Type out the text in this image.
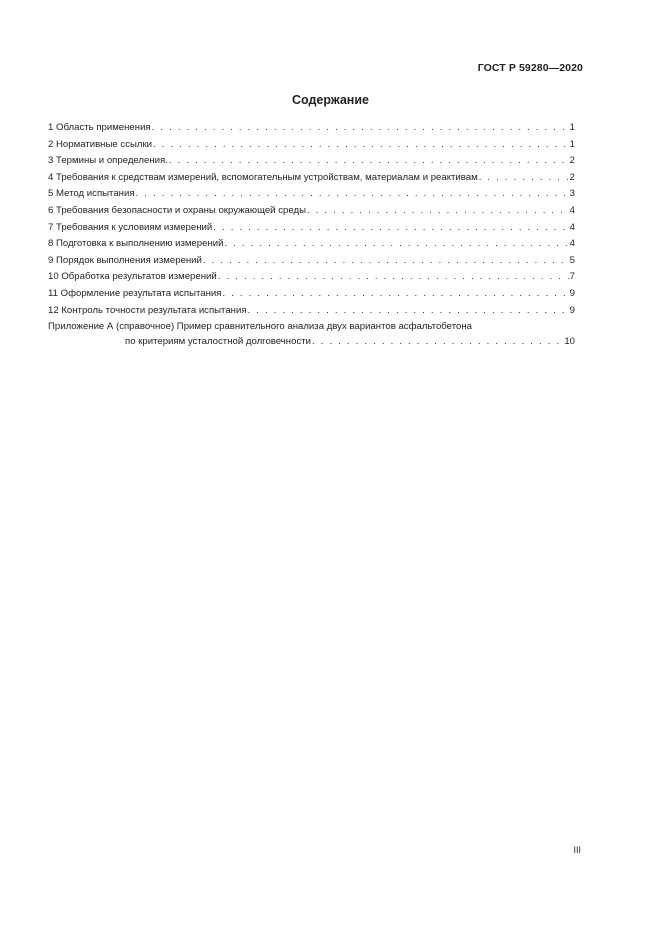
ГОСТ Р 59280—2020
Содержание
1 Область применения . . .	1
2 Нормативные ссылки . . .	1
3 Термины и определения. . . .	2
4 Требования к средствам измерений, вспомогательным устройствам, материалам и реактивам . . .	2
5 Метод испытания . . .	3
6 Требования безопасности и охраны окружающей среды . . .	4
7 Требования к условиям измерений . . .	4
8 Подготовка к выполнению измерений . . .	4
9 Порядок выполнения измерений . . .	5
10 Обработка результатов измерений . . .	7
11 Оформление результата испытания . . .	9
12 Контроль точности результата испытания . . .	9
Приложение А (справочное) Пример сравнительного анализа двух вариантов асфальтобетона
по критериям усталостной долговечности . . .	10
III
